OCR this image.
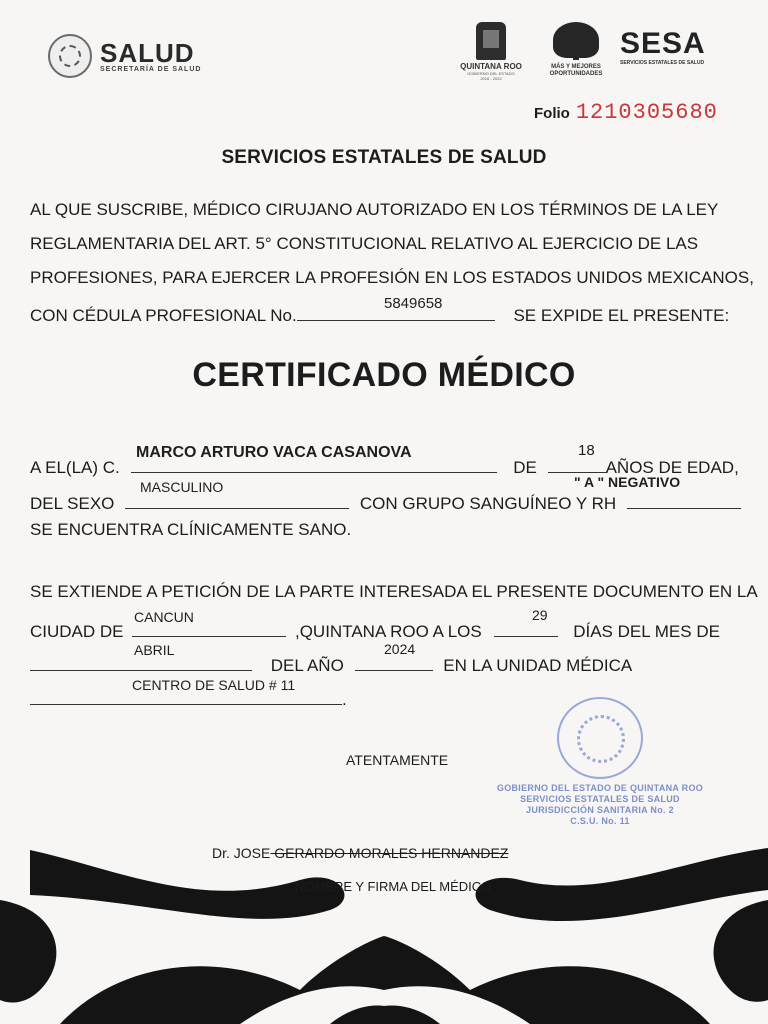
SALUD
SECRETARÍA DE SALUD	QUINTANA ROO
GOBIERNO DEL ESTADO
2016 - 2022
MÁS Y MEJORES
OPORTUNIDADES
SESA
SERVICIOS ESTATALES DE SALUD
Folio 1210305680
SERVICIOS ESTATALES DE SALUD
AL QUE SUSCRIBE, MÉDICO CIRUJANO AUTORIZADO EN LOS TÉRMINOS DE LA LEY
REGLAMENTARIA DEL ART. 5° CONSTITUCIONAL RELATIVO AL EJERCICIO DE LAS
PROFESIONES, PARA EJERCER LA PROFESIÓN EN LOS ESTADOS UNIDOS MEXICANOS,
CON CÉDULA PROFESIONAL No.	SE EXPIDE EL PRESENTE:
5849658
CERTIFICADO MÉDICO
A EL(LA) C.	DE	AÑOS DE EDAD,
MARCO ARTURO VACA CASANOVA	18
DEL SEXO	CON GRUPO SANGUÍNEO Y RH
MASCULINO	" A " NEGATIVO
SE ENCUENTRA CLÍNICAMENTE SANO.
SE EXTIENDE A PETICIÓN DE LA PARTE INTERESADA EL PRESENTE DOCUMENTO EN LA
CIUDAD DE	,QUINTANA ROO A LOS	DÍAS DEL MES DE
CANCUN	29
DEL AÑO	EN LA UNIDAD MÉDICA
ABRIL	2024
.
CENTRO DE SALUD # 11
ATENTAMENTE
GOBIERNO DEL ESTADO DE QUINTANA ROO
SERVICIOS ESTATALES DE SALUD
JURISDICCIÓN SANITARIA No. 2
C.S.U. No. 11
Dr. JOSE GERARDO MORALES HERNANDEZ
NOMBRE Y FIRMA DEL MÉDICO
